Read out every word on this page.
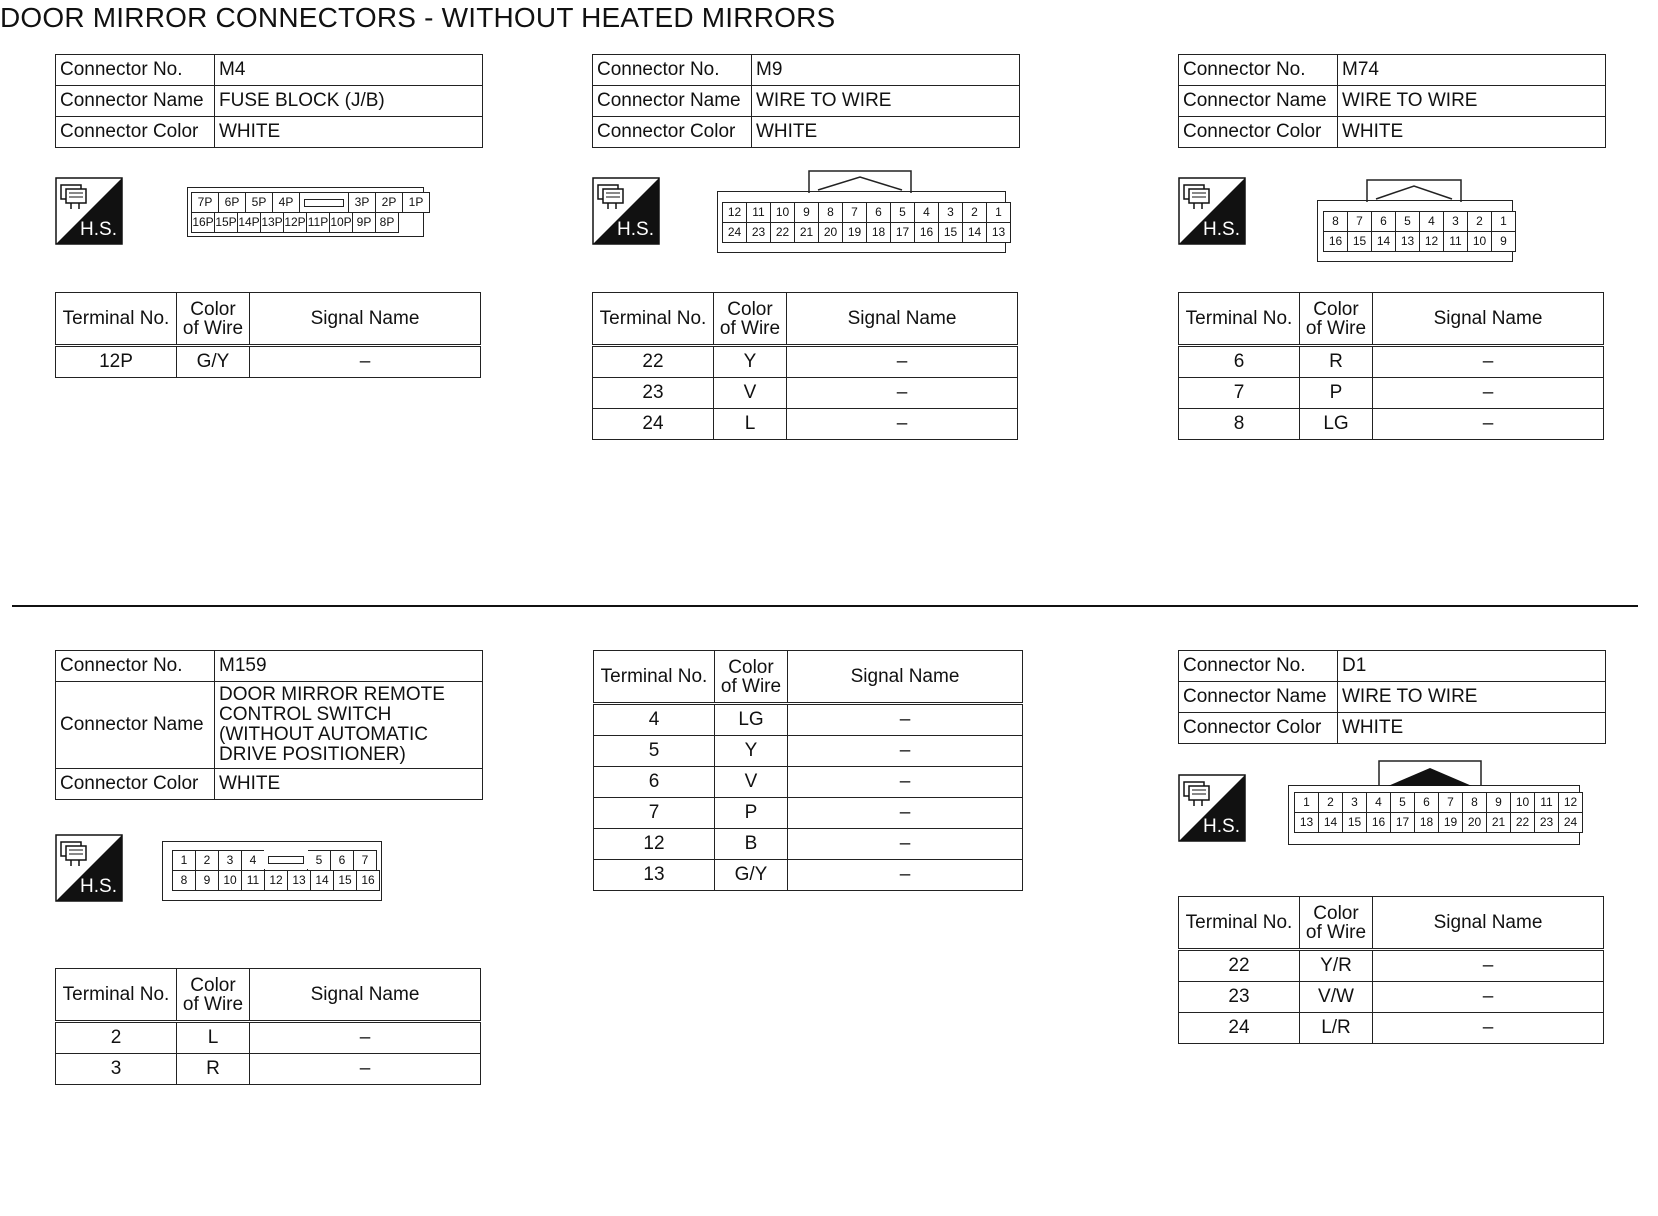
DOOR MIRROR CONNECTORS - WITHOUT HEATED MIRRORS
Connector No.	M4
Connector Name	FUSE BLOCK (J/B)
Connector Color	WHITE
H.S.
7P	6P	5P	4P	3P	2P	1P
16P 15P 14P 13P 12P 11P 10P 9P 8P
Terminal No.	Color of Wire	Signal Name
12P	G/Y	–
Connector No.	M9
Connector Name	WIRE TO WIRE
Connector Color	WHITE
H.S.
12 11 10	9	8	7	6	5	4	3	2	1
24 23 22 21 20 19 18 17 16 15 14 13
Terminal No.	Color of Wire	Signal Name
22	Y	–
23	V	–
24	L	–
Connector No.	M74
Connector Name	WIRE TO WIRE
Connector Color	WHITE
H.S.	8	7	6	5	4	3	2	1
16 15 14 13 12 11 10	9
Terminal No.	Color of Wire	Signal Name
6	R	–
7	P	–
8	LG	–
Connector No.	M159
Connector Name	DOOR MIRROR REMOTE CONTROL SWITCH (WITHOUT AUTOMATIC DRIVE POSITIONER)
Connector Color	WHITE
H.S.
1	2	3	4	5	6	7
8	9	10 11 12 13 14 15 16
Terminal No.	Color of Wire	Signal Name
2	L	–
3	R	–
Terminal No.	Color of Wire	Signal Name
4	LG	–
5	Y	–
6	V	–
7	P	–
12	B	–
13	G/Y	–
Connector No.	D1
Connector Name	WIRE TO WIRE
Connector Color	WHITE
H.S.
1	2	3	4	5	6	7	8	9	10 11 12
13 14 15 16 17 18 19 20 21 22 23 24
Terminal No.	Color of Wire	Signal Name
22	Y/R	–
23	V/W	–
24	L/R	–
